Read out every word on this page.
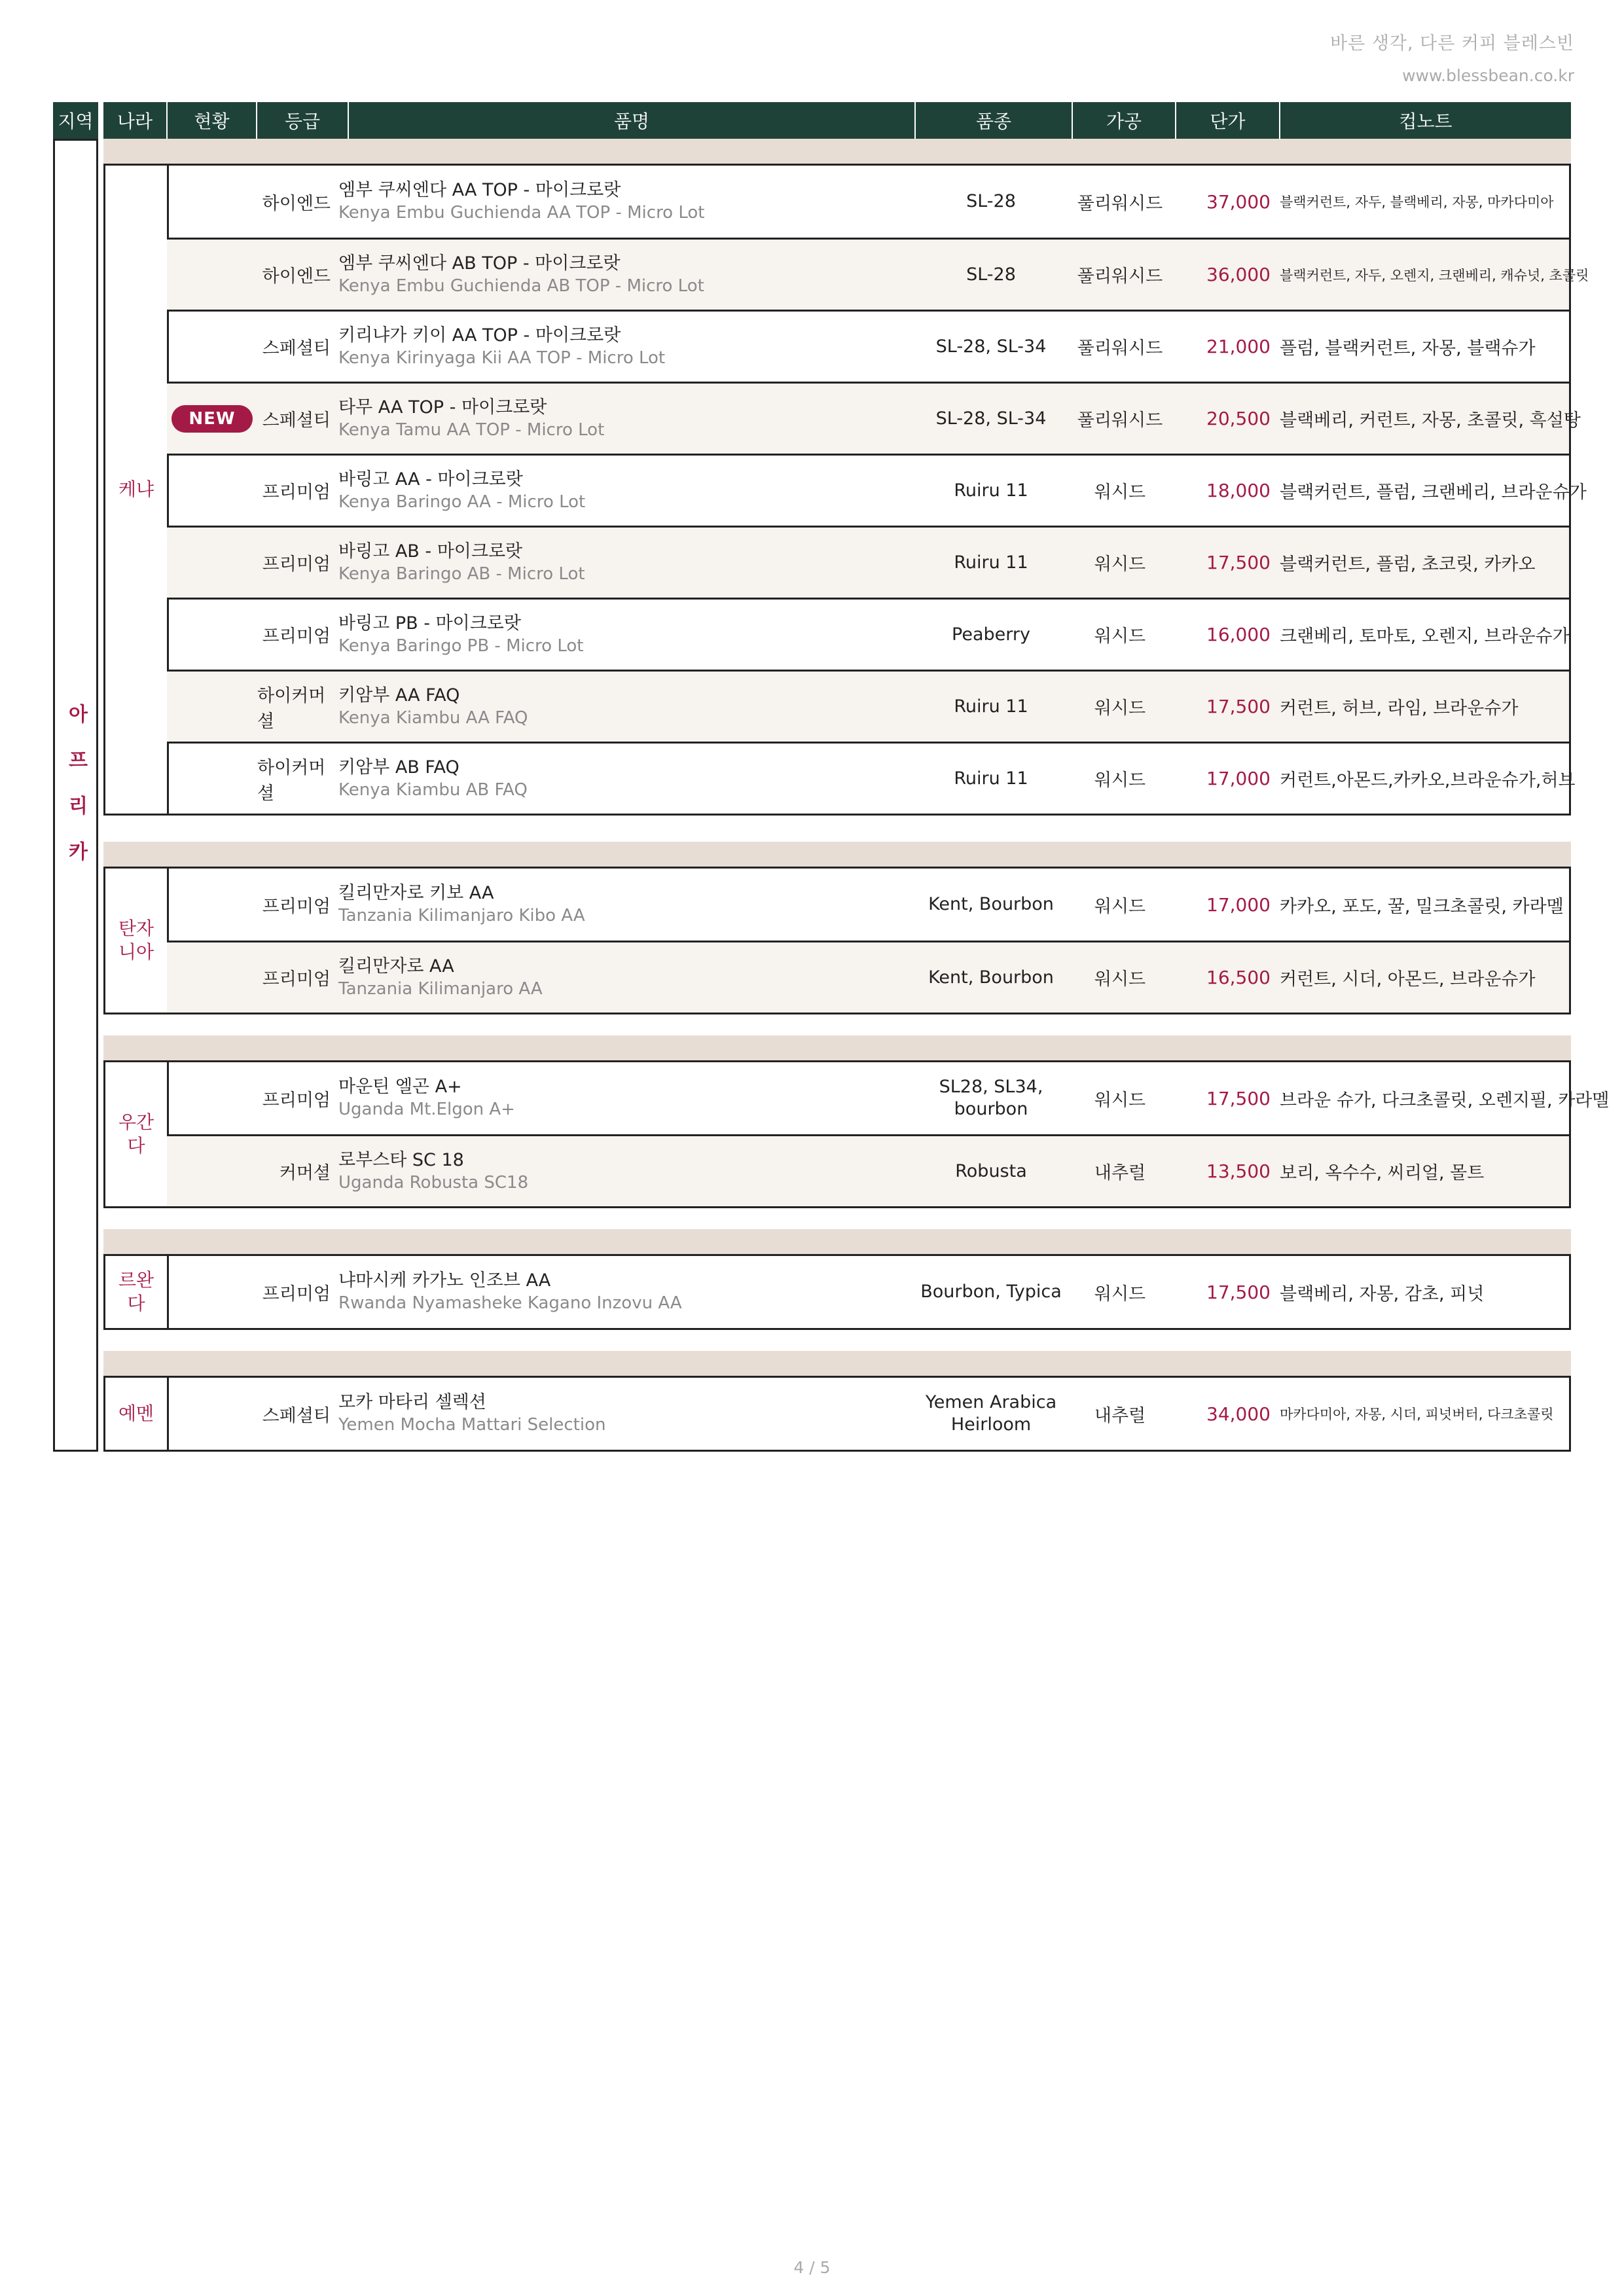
바른 생각, 다른 커피 블레스빈
www.blessbean.co.kr
지역	나라	현황	등급	품명	품종	가공	단가	컵노트
아프리카
케냐
하이엔드
엠부 쿠씨엔다 AA TOP - 마이크로랏
Kenya Embu Guchienda AA TOP - Micro Lot
SL-28	풀리워시드	37,000 블랙커런트, 자두, 블랙베리, 자몽, 마카다미아
하이엔드
엠부 쿠씨엔다 AB TOP - 마이크로랏
Kenya Embu Guchienda AB TOP - Micro Lot
SL-28	풀리워시드	36,000 블랙커런트, 자두, 오렌지, 크랜베리, 캐슈넛, 초콜릿
스페셜티
키리냐가 키이 AA TOP - 마이크로랏
Kenya Kirinyaga Kii AA TOP - Micro Lot
SL-28, SL-34	풀리워시드	21,000 플럼, 블랙커런트, 자몽, 블랙슈가
NEW	스페셜티
타무 AA TOP - 마이크로랏
Kenya Tamu AA TOP - Micro Lot
SL-28, SL-34	풀리워시드	20,500 블랙베리, 커런트, 자몽, 초콜릿, 흑설탕
프리미엄
바링고 AA - 마이크로랏
Kenya Baringo AA - Micro Lot
Ruiru 11	워시드	18,000 블랙커런트, 플럼, 크랜베리, 브라운슈가
프리미엄
바링고 AB - 마이크로랏
Kenya Baringo AB - Micro Lot
Ruiru 11	워시드	17,500 블랙커런트, 플럼, 초코릿, 카카오
프리미엄
바링고 PB - 마이크로랏
Kenya Baringo PB - Micro Lot
Peaberry	워시드	16,000 크랜베리, 토마토, 오렌지, 브라운슈가
하이커머셜
키암부 AA FAQ
Kenya Kiambu AA FAQ
Ruiru 11	워시드	17,500 커런트, 허브, 라임, 브라운슈가
하이커머셜
키암부 AB FAQ
Kenya Kiambu AB FAQ
Ruiru 11	워시드	17,000 커런트,아몬드,카카오,브라운슈가,허브
탄자니아
프리미엄
킬리만자로 키보 AA
Tanzania Kilimanjaro Kibo AA
Kent, Bourbon	워시드	17,000 카카오, 포도, 꿀, 밀크초콜릿, 카라멜
프리미엄
킬리만자로 AA
Tanzania Kilimanjaro AA
Kent, Bourbon	워시드	16,500 커런트, 시더, 아몬드, 브라운슈가
우간다
프리미엄
마운틴 엘곤 A+
Uganda Mt.Elgon A+
SL28, SL34, bourbon	워시드	17,500 브라운 슈가, 다크초콜릿, 오렌지필, 카라멜
커머셜
로부스타 SC 18
Uganda Robusta SC18
Robusta	내추럴	13,500 보리, 옥수수, 씨리얼, 몰트
르완다	프리미엄
냐마시케 카가노 인조브 AA
Rwanda Nyamasheke Kagano Inzovu AA
Bourbon, Typica	워시드	17,500 블랙베리, 자몽, 감초, 피넛
예멘	스페셜티
모카 마타리 셀렉션
Yemen Mocha Mattari Selection
Yemen Arabica Heirloom	내추럴	34,000 마카다미아, 자몽, 시더, 피넛버터, 다크초콜릿
4 / 5
